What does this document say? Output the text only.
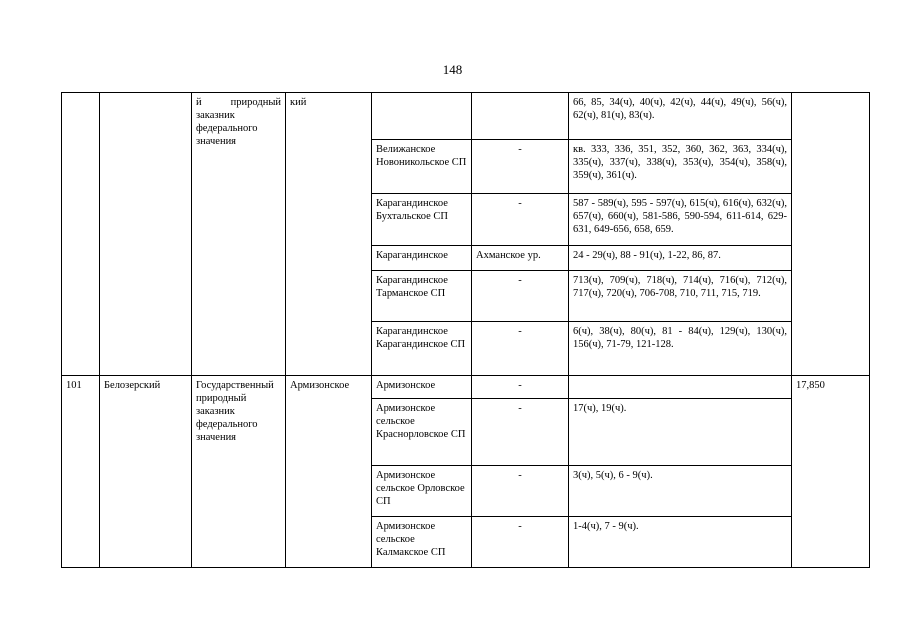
148
		й природный заказник федерального значения	кий			66, 85, 34(ч), 40(ч), 42(ч), 44(ч), 49(ч), 56(ч), 62(ч), 81(ч), 83(ч).	
				Велижанское Новоникольское СП	-	кв. 333, 336, 351, 352, 360, 362, 363, 334(ч), 335(ч), 337(ч), 338(ч), 353(ч), 354(ч), 358(ч), 359(ч), 361(ч).	
				Карагандинское Бухтальское СП	-	587 - 589(ч), 595 - 597(ч), 615(ч), 616(ч), 632(ч), 657(ч), 660(ч), 581-586, 590-594, 611-614, 629-631, 649-656, 658, 659.	
				Карагандинское	Ахманское ур.	24 - 29(ч), 88 - 91(ч), 1-22, 86, 87.	
				Карагандинское Тарманское СП	-	713(ч), 709(ч), 718(ч), 714(ч), 716(ч), 712(ч), 717(ч), 720(ч), 706-708, 710, 711, 715, 719.	
				Карагандинское Карагандинское СП	-	6(ч), 38(ч), 80(ч), 81 - 84(ч), 129(ч), 130(ч), 156(ч), 71-79, 121-128.	
101	Белозерский	Государственный природный заказник федерального значения	Армизонское	Армизонское	-		17,850
				Армизонское сельское Краснорловское СП	-	17(ч), 19(ч).	
				Армизонское сельское Орловское СП	-	3(ч), 5(ч), 6 - 9(ч).	
				Армизонское сельское Калмакское СП	-	1-4(ч), 7 - 9(ч).	
